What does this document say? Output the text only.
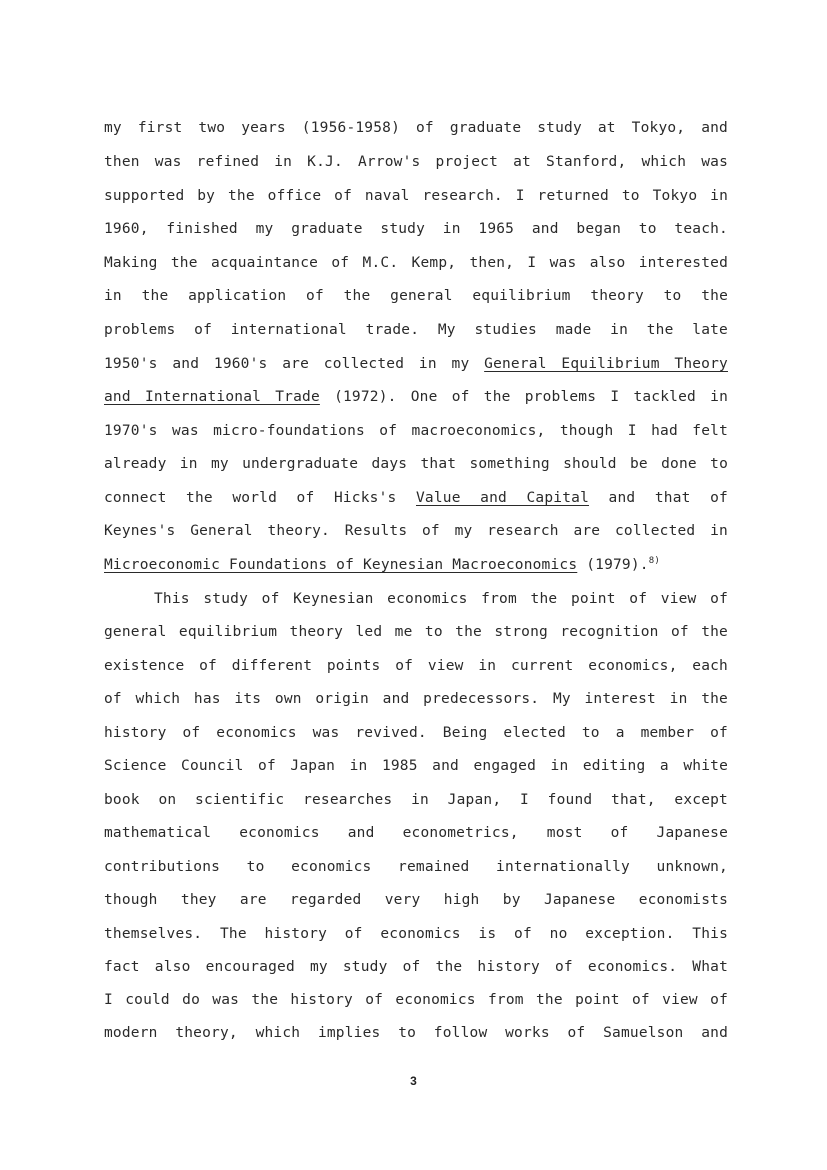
my first two years (1956-1958) of graduate study at Tokyo, and
then was refined in K.J. Arrow's project at Stanford, which was
supported by the office of naval research. I returned to Tokyo in
1960, finished my graduate study in 1965 and began to teach.
Making the acquaintance of M.C. Kemp, then, I was also interested
in the application of the general equilibrium theory to the
problems of international trade. My studies made in the late
1950's and 1960's are collected in my General Equilibrium Theory
and International Trade (1972). One of the problems I tackled in
1970's was micro-foundations of macroeconomics, though I had felt
already in my undergraduate days that something should be done to
connect the world of Hicks's Value and Capital and that of
Keynes's General theory. Results of my research are collected in
Microeconomic Foundations of Keynesian Macroeconomics (1979).$^{8)}$
This study of Keynesian economics from the point of view of
general equilibrium theory led me to the strong recognition of the
existence of different points of view in current economics, each
of which has its own origin and predecessors. My interest in the
history of economics was revived. Being elected to a member of
Science Council of Japan in 1985 and engaged in editing a white
book on scientific researches in Japan, I found that, except
mathematical economics and econometrics, most of Japanese
contributions to economics remained internationally unknown,
though they are regarded very high by Japanese economists
themselves. The history of economics is of no exception. This
fact also encouraged my study of the history of economics. What
I could do was the history of economics from the point of view of
modern theory, which implies to follow works of Samuelson and
3
